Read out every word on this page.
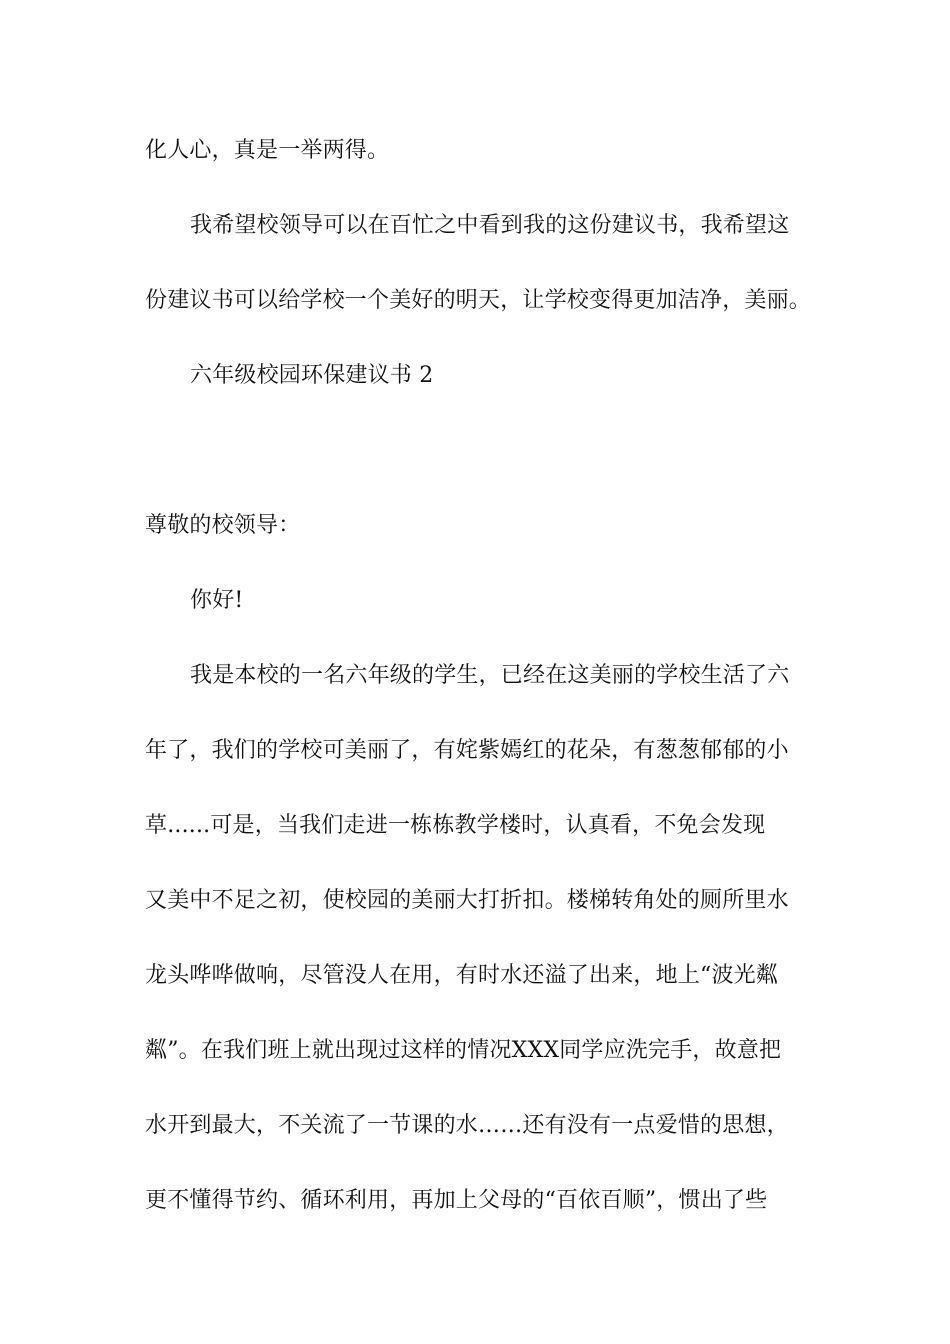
化人心，真是一举两得。
我希望校领导可以在百忙之中看到我的这份建议书，我希望这
份建议书可以给学校一个美好的明天，让学校变得更加洁净，美丽。
六年级校园环保建议书 2
尊敬的校领导：
你好!
我是本校的一名六年级的学生，已经在这美丽的学校生活了六
年了，我们的学校可美丽了，有姹紫嫣红的花朵，有葱葱郁郁的小
草......可是，当我们走进一栋栋教学楼时，认真看，不免会发现
又美中不足之初，使校园的美丽大打折扣。楼梯转角处的厕所里水
龙头哗哗做响，尽管没人在用，有时水还溢了出来，地上“波光粼
粼”。在我们班上就出现过这样的情况XXX同学应洗完手，故意把
水开到最大，不关流了一节课的水……还有没有一点爱惜的思想，
更不懂得节约、循环利用，再加上父母的“百依百顺”，惯出了些
